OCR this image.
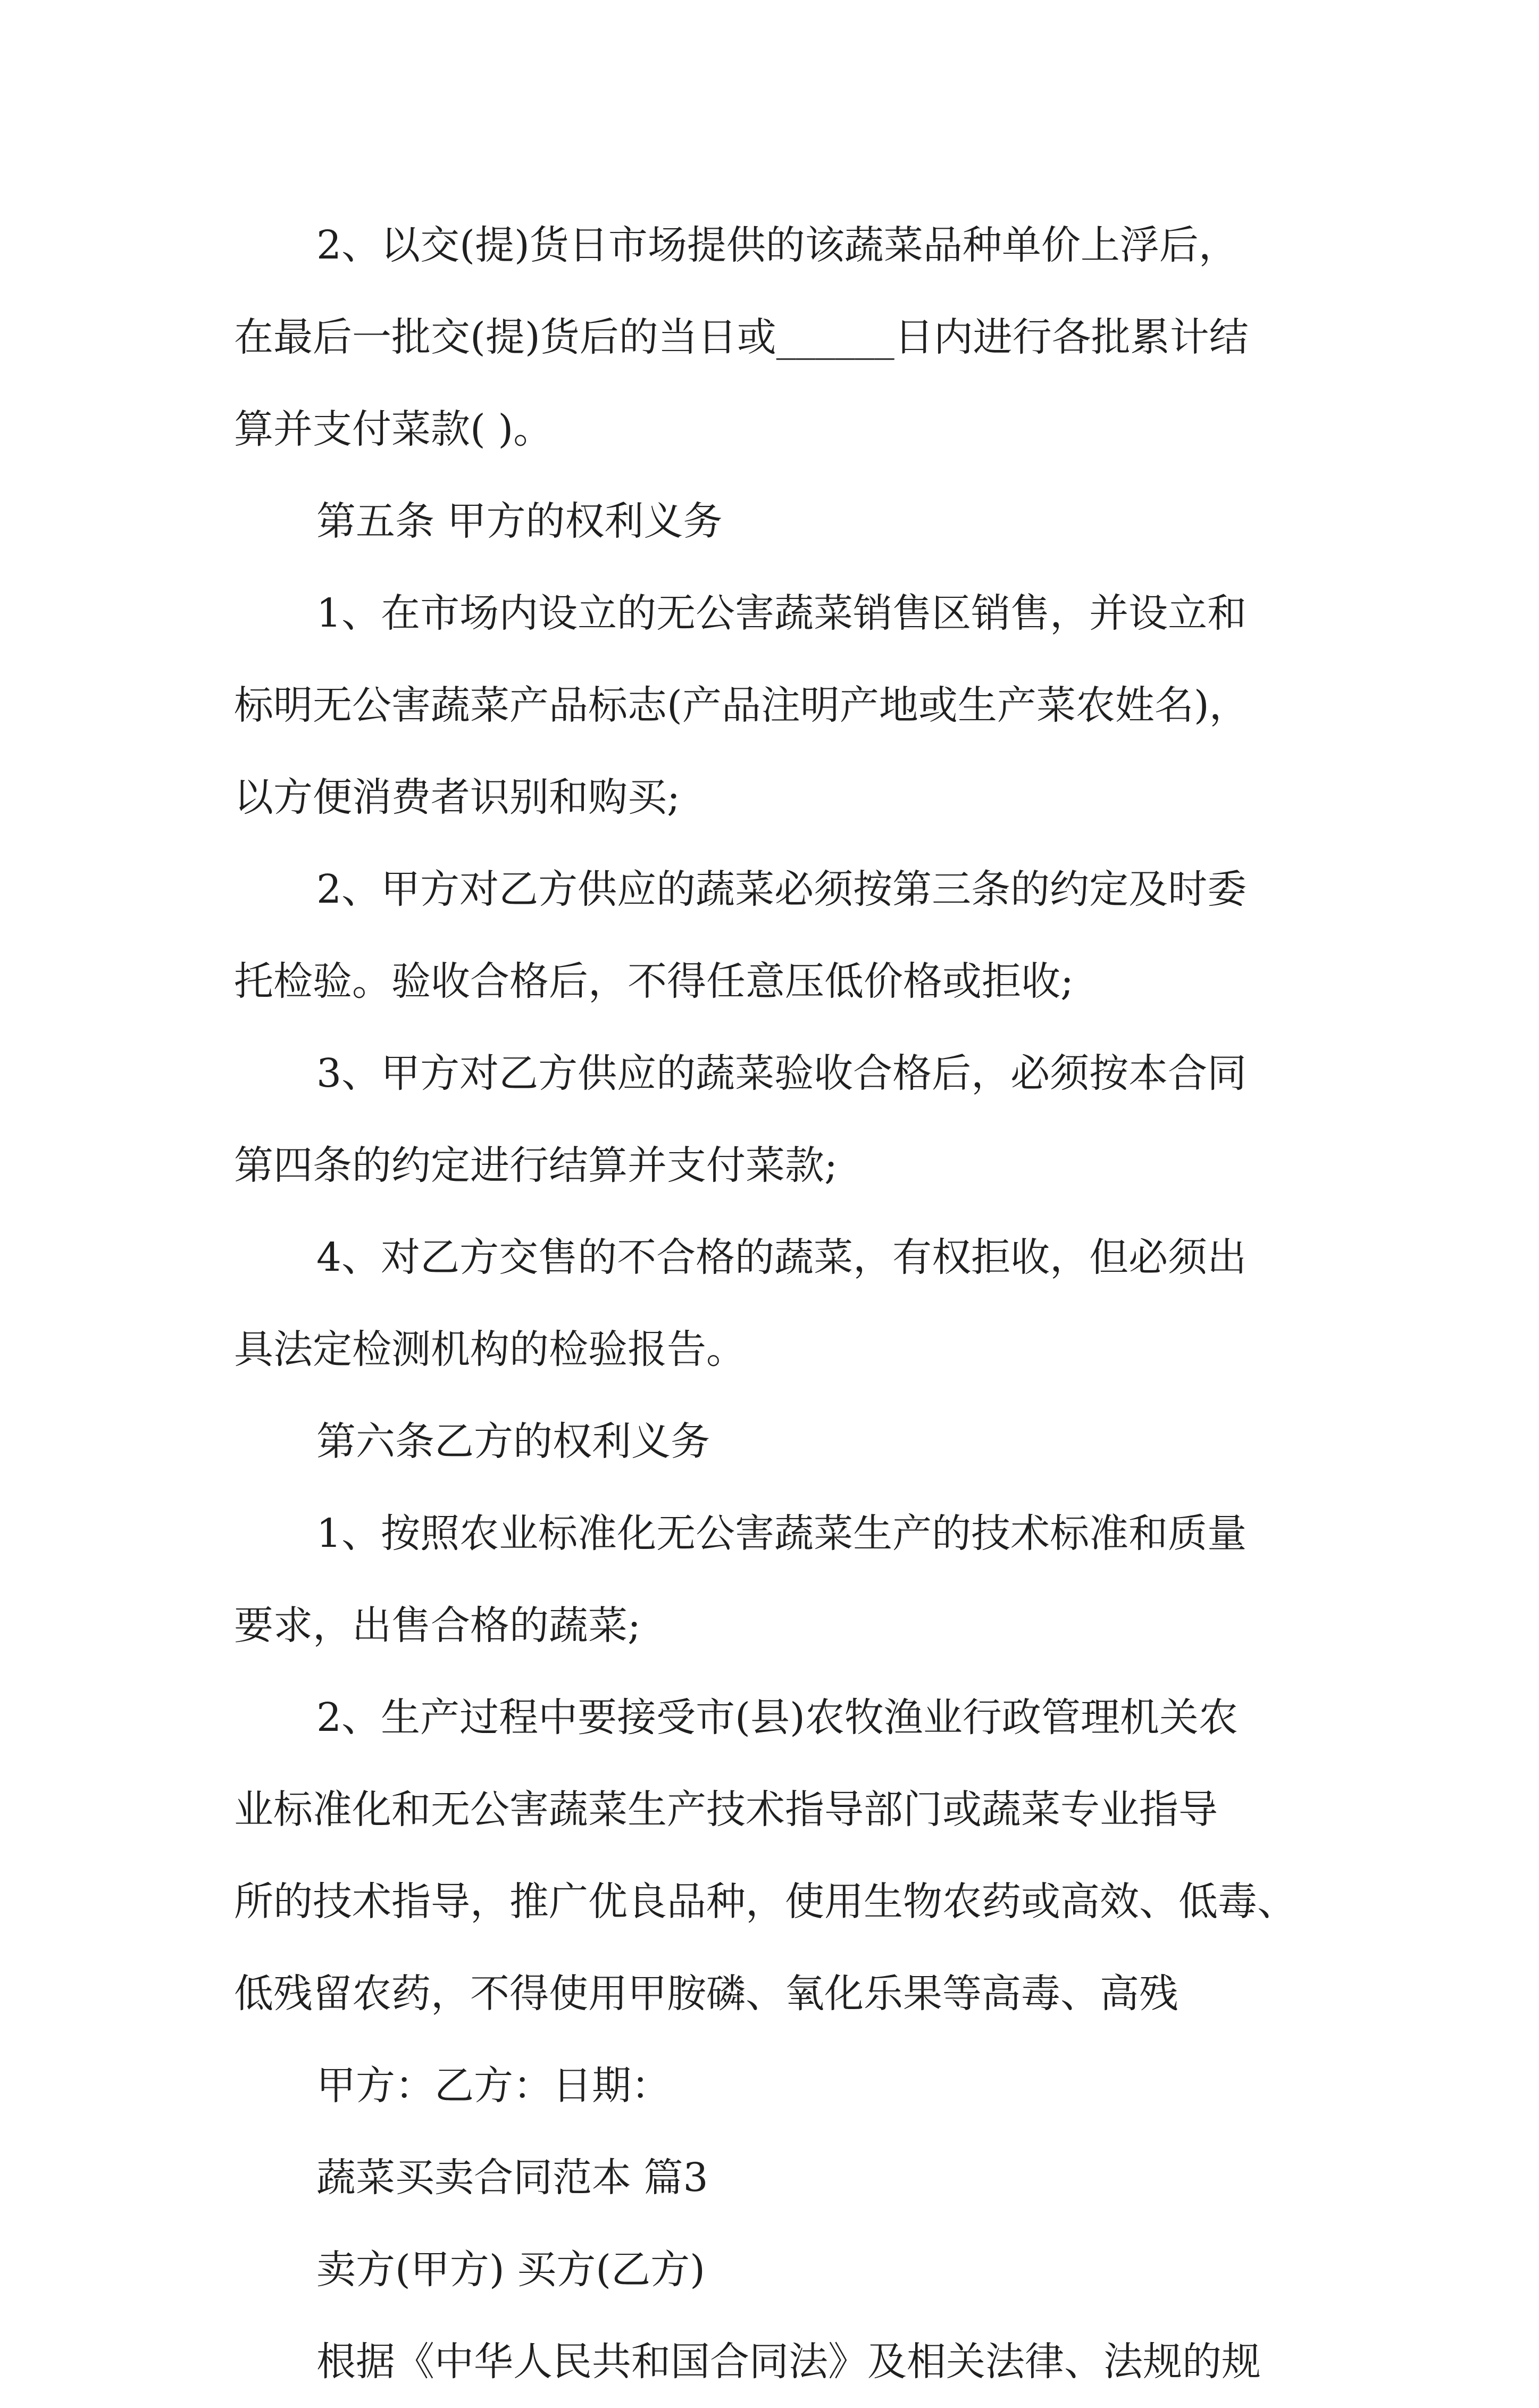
2、以交(提)货日市场提供的该蔬菜品种单价上浮后，
在最后一批交(提)货后的当日或______日内进行各批累计结
算并支付菜款( )。
第五条 甲方的权利义务
1、在市场内设立的无公害蔬菜销售区销售，并设立和
标明无公害蔬菜产品标志(产品注明产地或生产菜农姓名)，
以方便消费者识别和购买;
2、甲方对乙方供应的蔬菜必须按第三条的约定及时委
托检验。验收合格后，不得任意压低价格或拒收;
3、甲方对乙方供应的蔬菜验收合格后，必须按本合同
第四条的约定进行结算并支付菜款;
4、对乙方交售的不合格的蔬菜，有权拒收，但必须出
具法定检测机构的检验报告。
第六条乙方的权利义务
1、按照农业标准化无公害蔬菜生产的技术标准和质量
要求，出售合格的蔬菜;
2、生产过程中要接受市(县)农牧渔业行政管理机关农
业标准化和无公害蔬菜生产技术指导部门或蔬菜专业指导
所的技术指导，推广优良品种，使用生物农药或高效、低毒、
低残留农药，不得使用甲胺磷、氧化乐果等高毒、高残
甲方：乙方：日期：
蔬菜买卖合同范本 篇3
卖方(甲方) 买方(乙方)
根据《中华人民共和国合同法》及相关法律、法规的规
